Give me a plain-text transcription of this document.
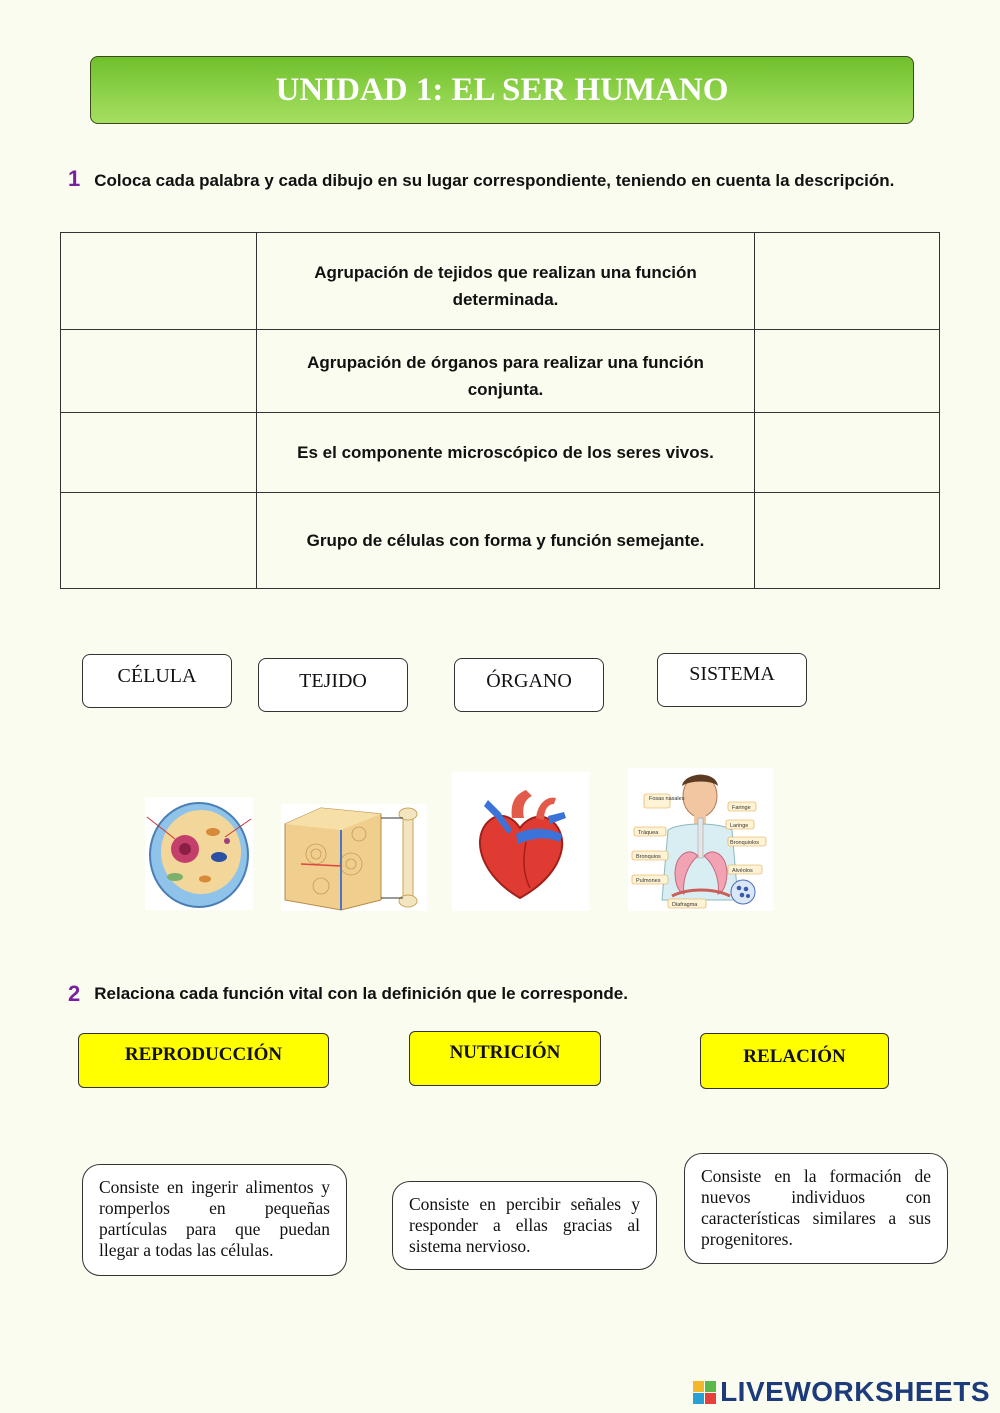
UNIDAD 1: EL SER HUMANO
1 Coloca cada palabra y cada dibujo en su lugar correspondiente, teniendo en cuenta la descripción.
	Agrupación de tejidos que realizan una función determinada.	
	Agrupación de órganos para realizar una función conjunta.	
	Es el componente microscópico de los seres vivos.	
	Grupo de células con forma y función semejante.	
CÉLULA	TEJIDO	ÓRGANO	SISTEMA
Fosas nasales
Faringe
Laringe
Tráquea
Bronquiolos
Bronquios
Alvéolos
Pulmones
Diafragma
2 Relaciona cada función vital con la definición que le corresponde.
REPRODUCCIÓN	NUTRICIÓN	RELACIÓN
Consiste en ingerir alimentos y romperlos en pequeñas partículas para que puedan llegar a todas las células.
Consiste en percibir señales y responder a ellas gracias al sistema nervioso.
Consiste en la formación de nuevos individuos con características similares a sus progenitores.
LIVEWORKSHEETS
